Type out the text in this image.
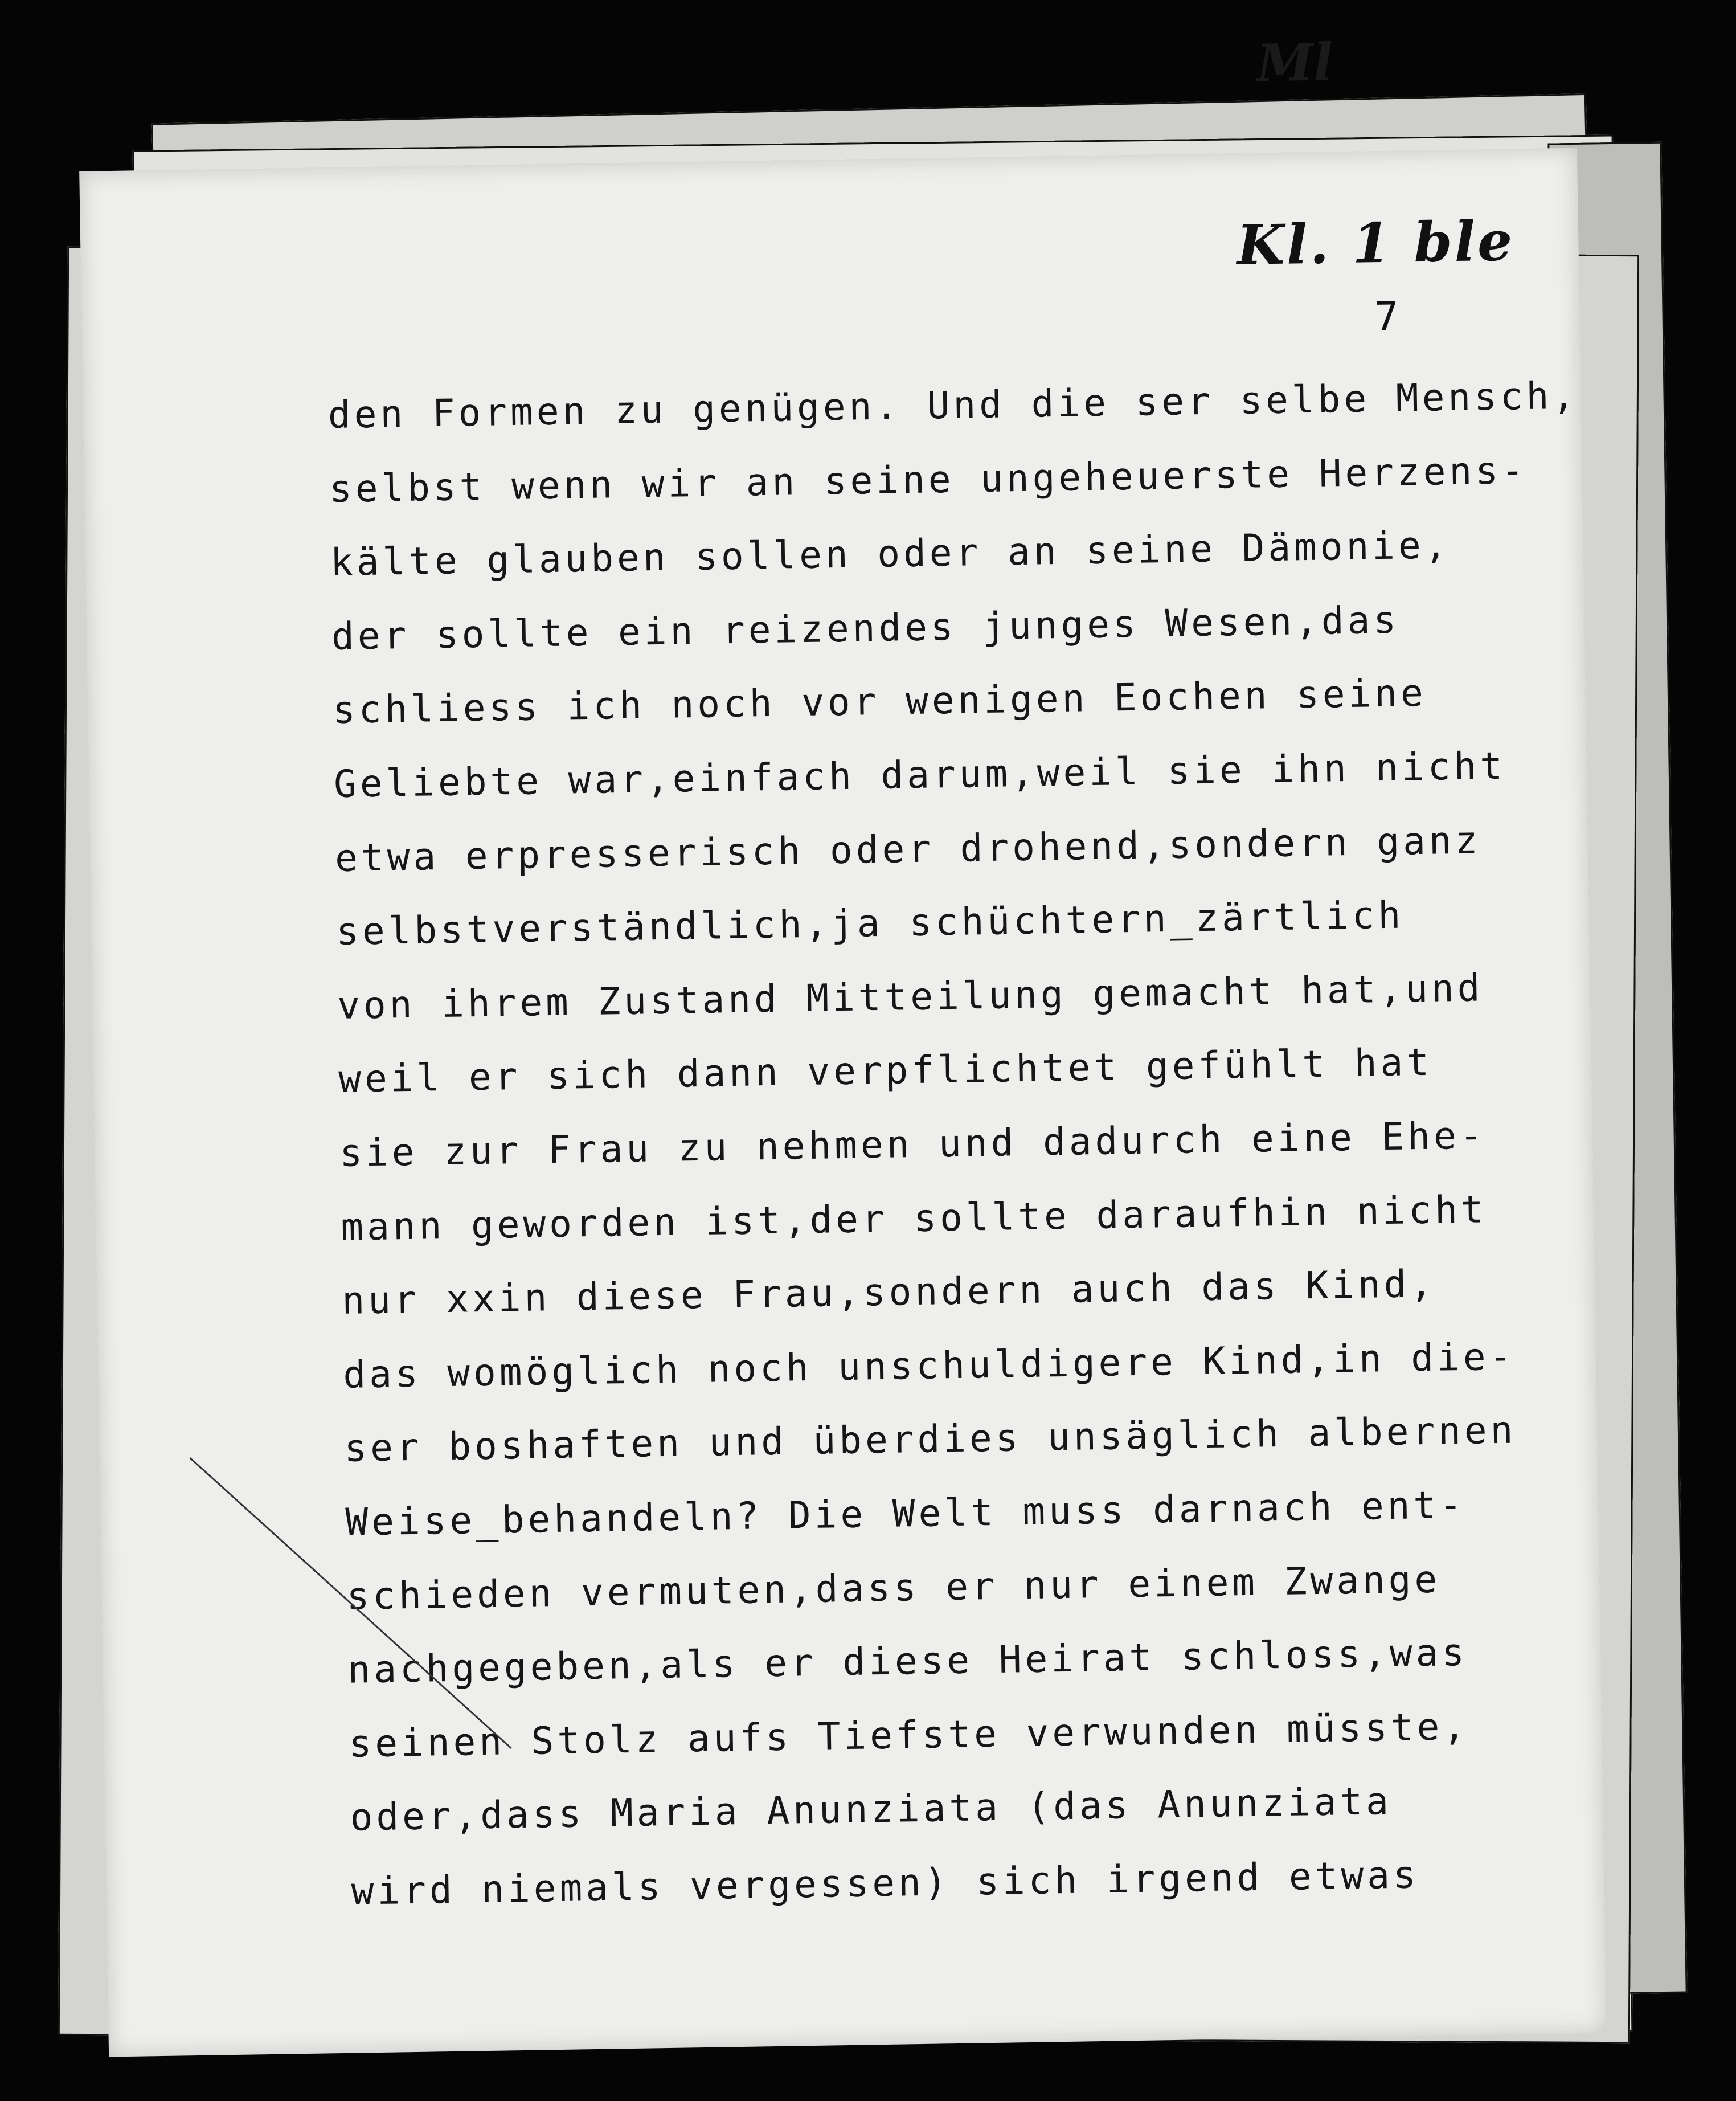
Ml
Kl. 1 ble
7
den Formen zu genügen. Und die ser selbe Mensch,
selbst wenn wir an seine ungeheuerste Herzens-
kälte glauben sollen oder an seine Dämonie,
der sollte ein reizendes junges Wesen,das
schliess ich noch vor wenigen Eochen seine
Geliebte war,einfach darum,weil sie ihn nicht
etwa erpresserisch oder drohend,sondern ganz
selbstverständlich,ja schüchtern_zärtlich
von ihrem Zustand Mitteilung gemacht hat,und
weil er sich dann verpflichtet gefühlt hat
sie zur Frau zu nehmen und dadurch eine Ehe-
mann geworden ist,der sollte daraufhin nicht
nur xxin diese Frau,sondern auch das Kind,
das womöglich noch unschuldigere Kind,in die-
ser boshaften und überdies unsäglich albernen
Weise_behandeln? Die Welt muss darnach ent-
schieden vermuten,dass er nur einem Zwange
nachgegeben,als er diese Heirat schloss,was
seinen Stolz aufs Tiefste verwunden müsste,
oder,dass Maria Anunziata (das Anunziata
wird niemals vergessen) sich irgend etwas
